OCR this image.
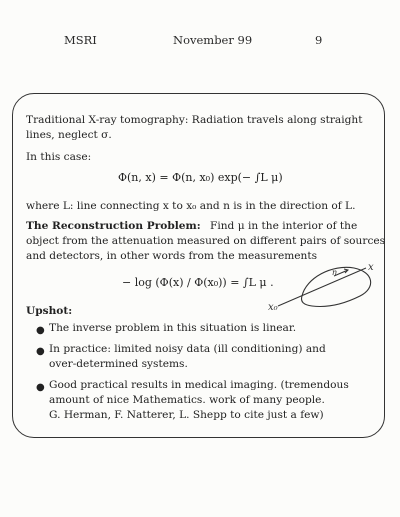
MSRI	November 99	9
Traditional X-ray tomography: Radiation travels along straight
lines, neglect σ.
In this case:
Φ(n, x) = Φ(n, x₀) exp(− ∫L μ)
where L: line connecting x to x₀ and n is in the direction of L.
The Reconstruction Problem: Find μ in the interior of the
object from the attenuation measured on different pairs of sources
and detectors, in other words from the measurements
− log (Φ(x) / Φ(x₀)) = ∫L μ .
n	x
x₀
Upshot:
● The inverse problem in this situation is linear.
● In practice: limited noisy data (ill conditioning) and
over-determined systems.
● Good practical results in medical imaging. (tremendous
amount of nice Mathematics. work of many people.
G. Herman, F. Natterer, L. Shepp to cite just a few)
